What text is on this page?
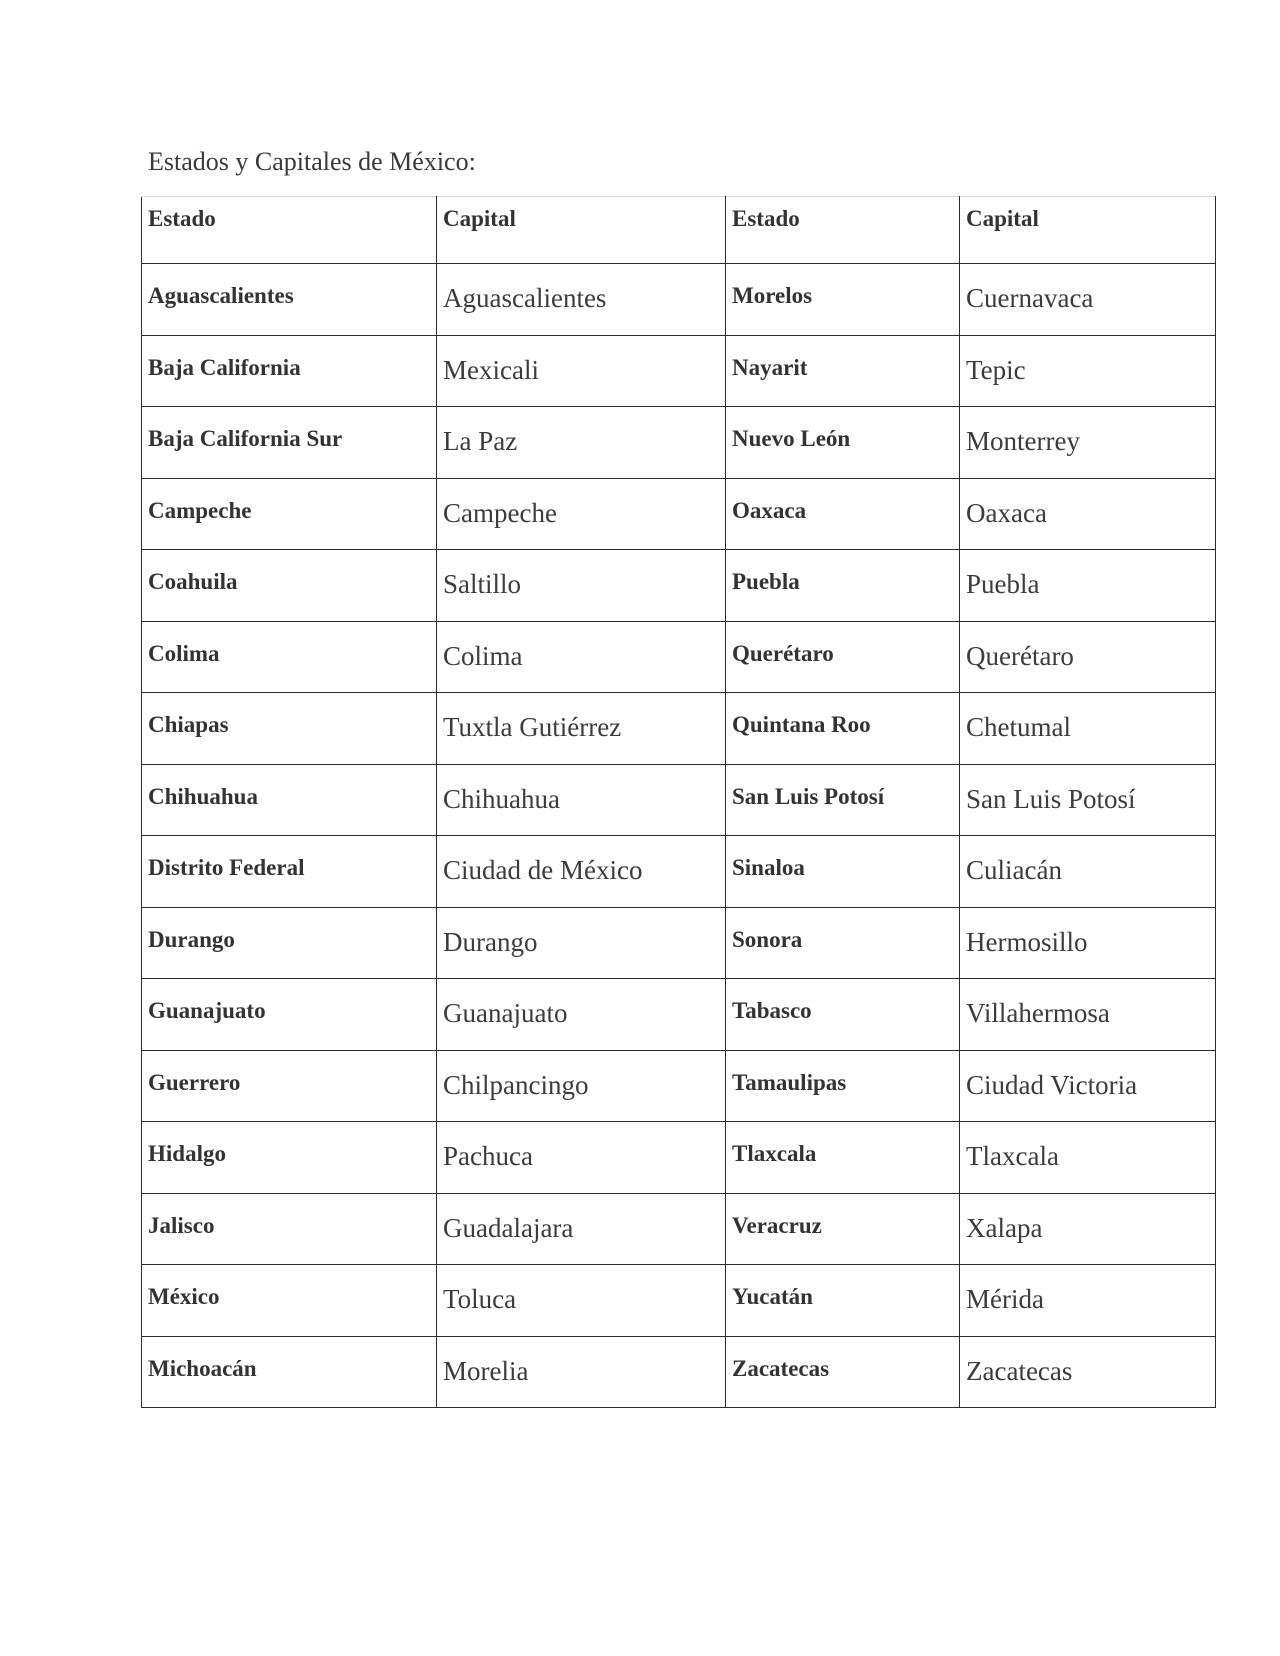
Estados y Capitales de México:
Estado	Capital	Estado	Capital
Aguascalientes	Aguascalientes	Morelos	Cuernavaca
Baja California	Mexicali	Nayarit	Tepic
Baja California Sur	La Paz	Nuevo León	Monterrey
Campeche	Campeche	Oaxaca	Oaxaca
Coahuila	Saltillo	Puebla	Puebla
Colima	Colima	Querétaro	Querétaro
Chiapas	Tuxtla Gutiérrez	Quintana Roo	Chetumal
Chihuahua	Chihuahua	San Luis Potosí	San Luis Potosí
Distrito Federal	Ciudad de México	Sinaloa	Culiacán
Durango	Durango	Sonora	Hermosillo
Guanajuato	Guanajuato	Tabasco	Villahermosa
Guerrero	Chilpancingo	Tamaulipas	Ciudad Victoria
Hidalgo	Pachuca	Tlaxcala	Tlaxcala
Jalisco	Guadalajara	Veracruz	Xalapa
México	Toluca	Yucatán	Mérida
Michoacán	Morelia	Zacatecas	Zacatecas
